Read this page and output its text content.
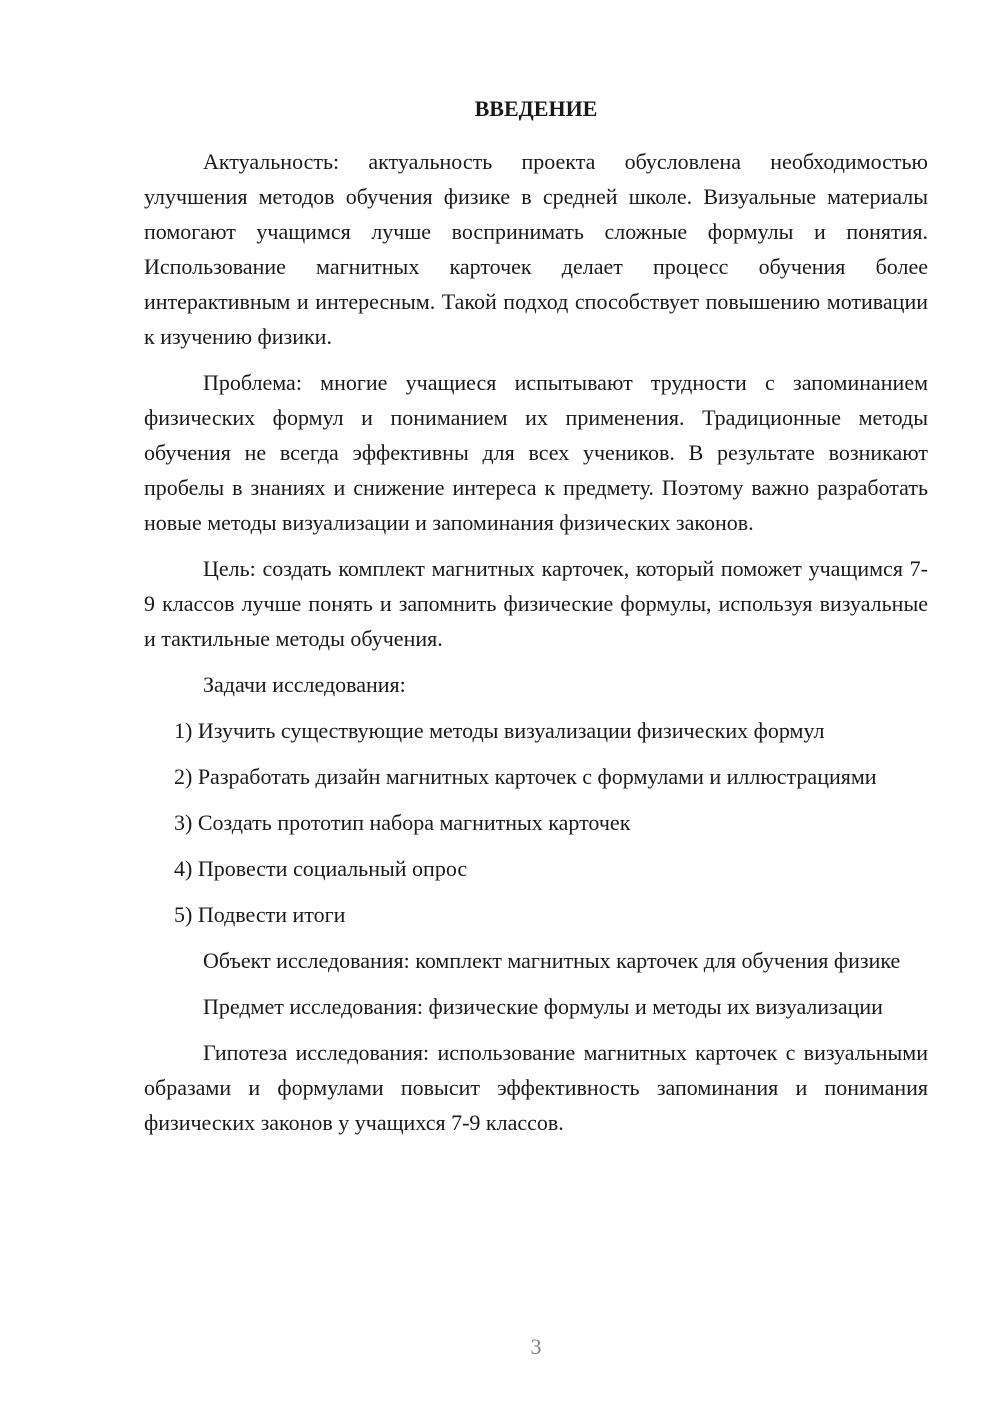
ВВЕДЕНИЕ

Актуальность: актуальность проекта обусловлена необходимостью улучшения методов обучения физике в средней школе. Визуальные материалы помогают учащимся лучше воспринимать сложные формулы и понятия. Использование магнитных карточек делает процесс обучения более интерактивным и интересным. Такой подход способствует повышению мотивации к изучению физики.

Проблема: многие учащиеся испытывают трудности с запоминанием физических формул и пониманием их применения. Традиционные методы обучения не всегда эффективны для всех учеников. В результате возникают пробелы в знаниях и снижение интереса к предмету. Поэтому важно разработать новые методы визуализации и запоминания физических законов.

Цель: создать комплект магнитных карточек, который поможет учащимся 7-9 классов лучше понять и запомнить физические формулы, используя визуальные и тактильные методы обучения.

Задачи исследования:

1) Изучить существующие методы визуализации физических формул

2) Разработать дизайн магнитных карточек с формулами и иллюстрациями

3) Создать прототип набора магнитных карточек

4) Провести социальный опрос

5) Подвести итоги

Объект исследования: комплект магнитных карточек для обучения физике

Предмет исследования: физические формулы и методы их визуализации

Гипотеза исследования: использование магнитных карточек с визуальными образами и формулами повысит эффективность запоминания и понимания физических законов у учащихся 7-9 классов.

3
